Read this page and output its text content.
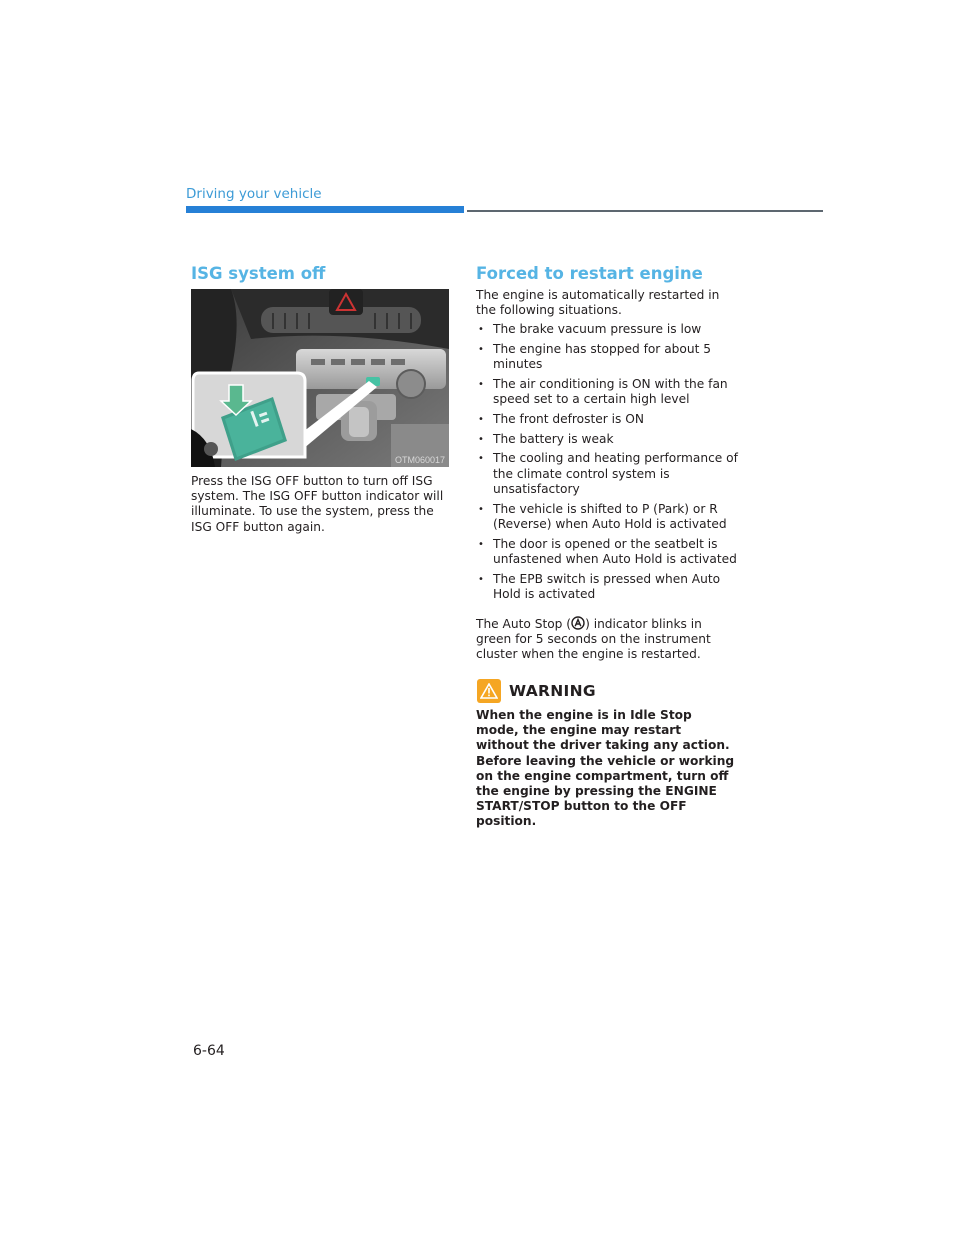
Driving your vehicle
ISG system off
OTM060017

Press the ISG OFF button to turn off ISG system. The ISG OFF button indicator will illuminate. To use the system, press the ISG OFF button again.

Forced to restart engine

The engine is automatically restarted in the following situations.

• The brake vacuum pressure is low
• The engine has stopped for about 5 minutes
• The air conditioning is ON with the fan speed set to a certain high level
• The front defroster is ON
• The battery is weak
• The cooling and heating performance of the climate control system is unsatisfactory
• The vehicle is shifted to P (Park) or R (Reverse) when Auto Hold is activated
• The door is opened or the seatbelt is unfastened when Auto Hold is activated
• The EPB switch is pressed when Auto Hold is activated

The Auto Stop ( ) indicator blinks in green for 5 seconds on the instrument cluster when the engine is restarted.

WARNING

When the engine is in Idle Stop mode, the engine may restart without the driver taking any action. Before leaving the vehicle or working on the engine compartment, turn off the engine by pressing the ENGINE START/STOP button to the OFF position.

6-64
